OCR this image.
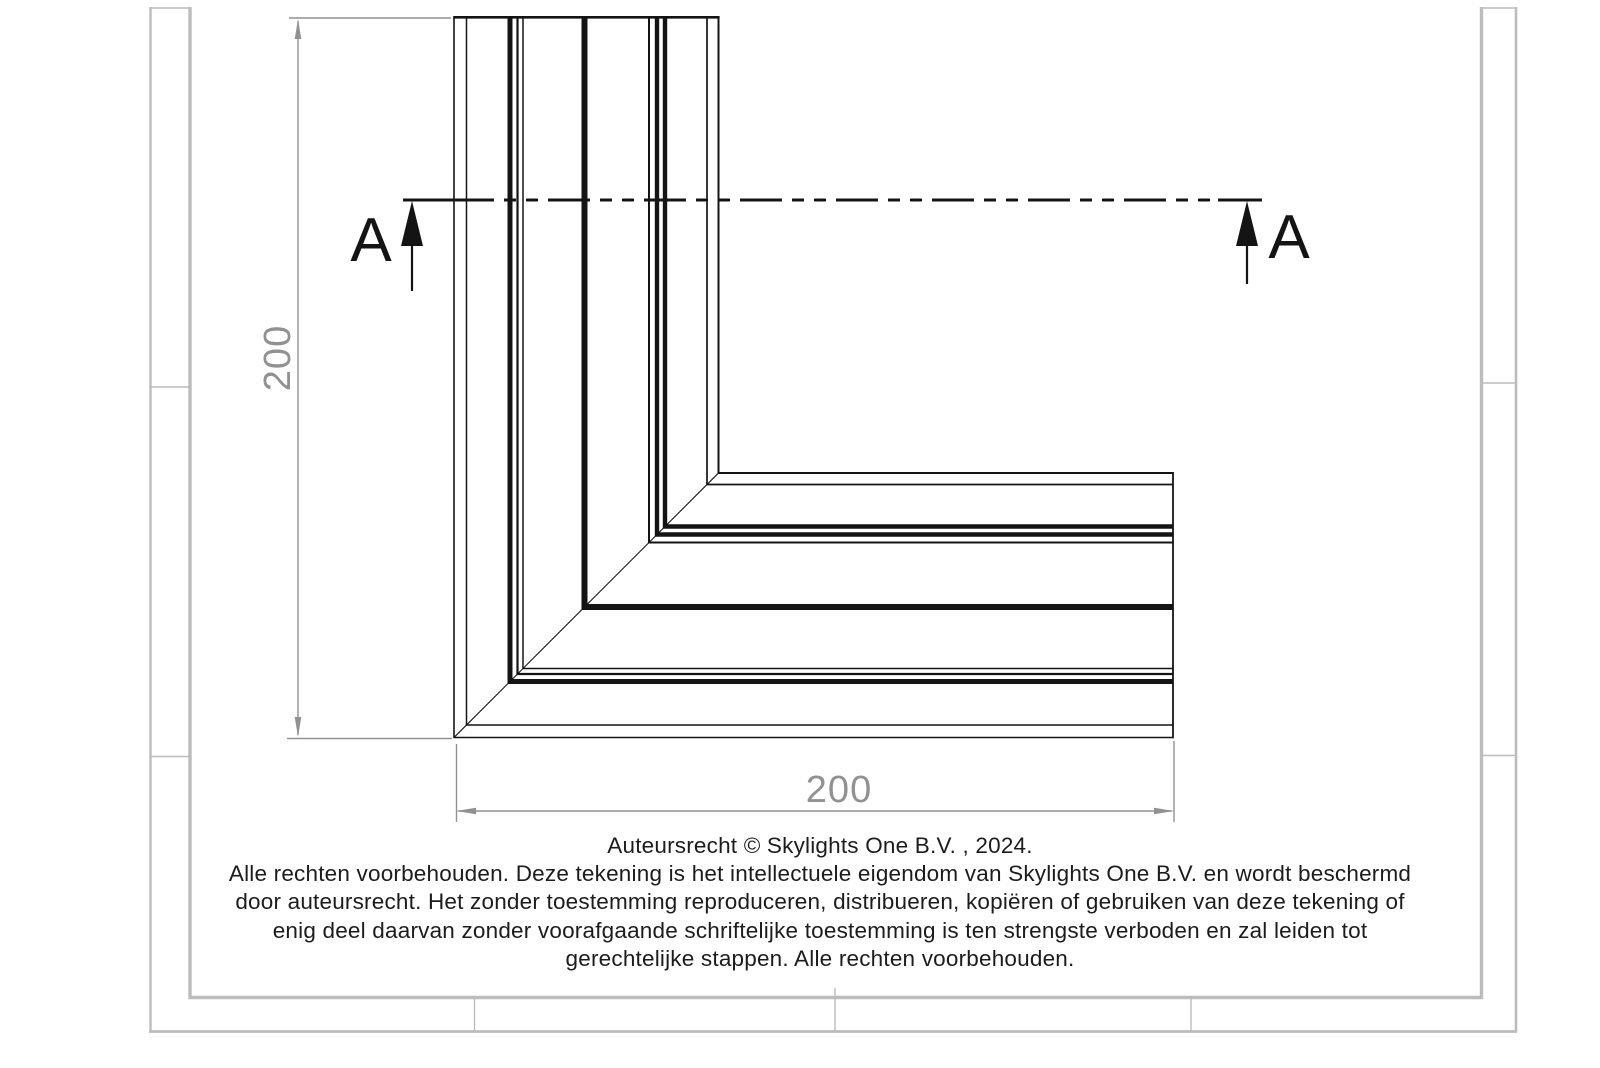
A	A
200
200
Auteursrecht © Skylights One B.V. , 2024.
Alle rechten voorbehouden. Deze tekening is het intellectuele eigendom van Skylights One B.V. en wordt beschermd
door auteursrecht. Het zonder toestemming reproduceren, distribueren, kopiëren of gebruiken van deze tekening of
enig deel daarvan zonder voorafgaande schriftelijke toestemming is ten strengste verboden en zal leiden tot
gerechtelijke stappen. Alle rechten voorbehouden.
